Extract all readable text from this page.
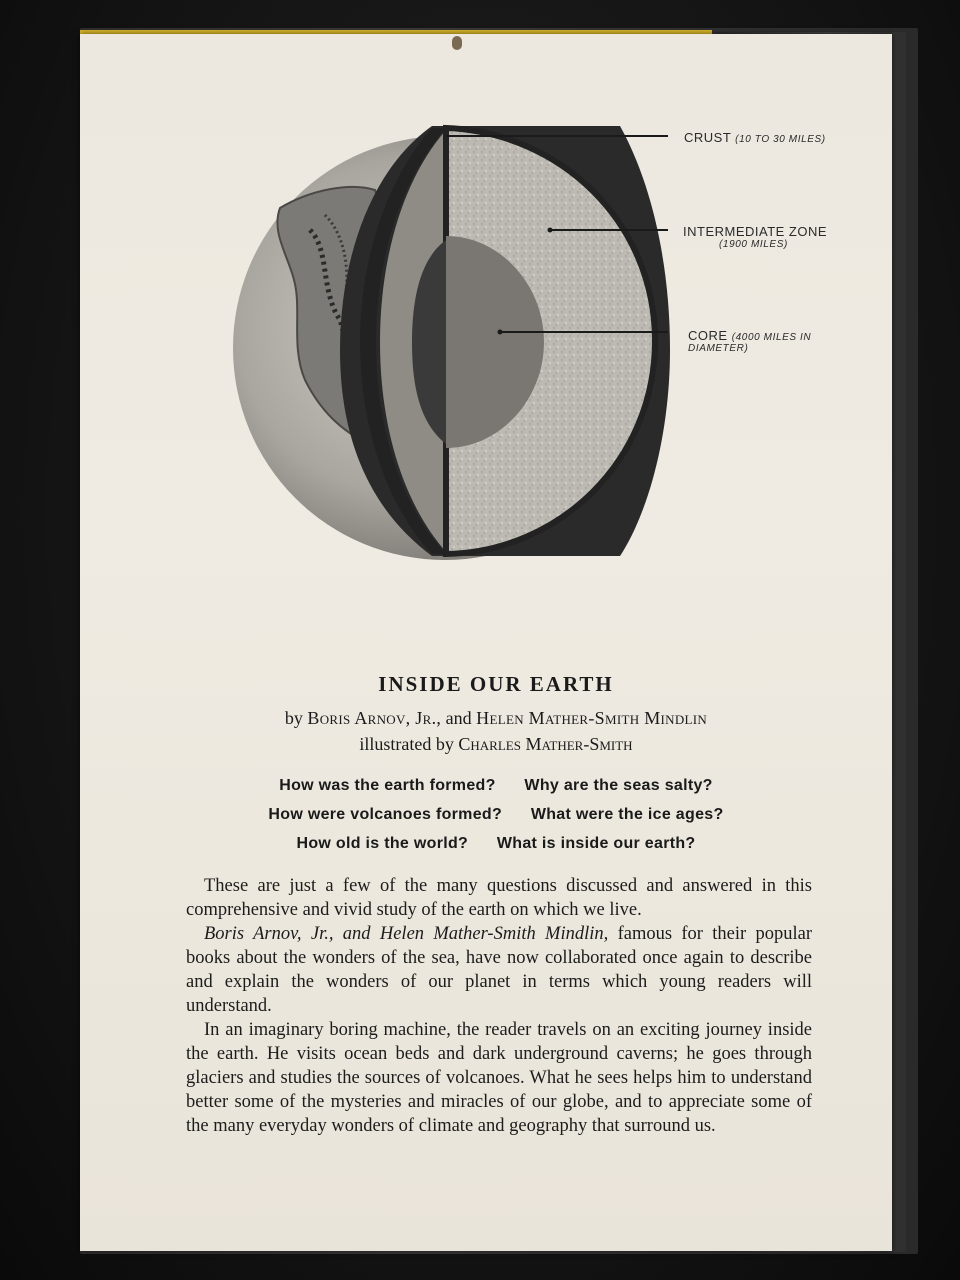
CRUST (10 TO 30 MILES)
INTERMEDIATE ZONE
(1900 MILES)
CORE (4000 MILES IN
DIAMETER)
INSIDE OUR EARTH
by Boris Arnov, Jr., and Helen Mather-Smith Mindlin
illustrated by Charles Mather-Smith
How was the earth formed? Why are the seas salty?
How were volcanoes formed? What were the ice ages?
How old is the world? What is inside our earth?

These are just a few of the many questions discussed and answered in this comprehensive and vivid study of the earth on which we live.

Boris Arnov, Jr., and Helen Mather-Smith Mindlin, famous for their popular books about the wonders of the sea, have now collaborated once again to describe and explain the wonders of our planet in terms which young readers will understand.

In an imaginary boring machine, the reader travels on an exciting journey inside the earth. He visits ocean beds and dark underground caverns; he goes through glaciers and studies the sources of volcanoes. What he sees helps him to understand better some of the mysteries and miracles of our globe, and to appreciate some of the many everyday wonders of climate and geography that surround us.
